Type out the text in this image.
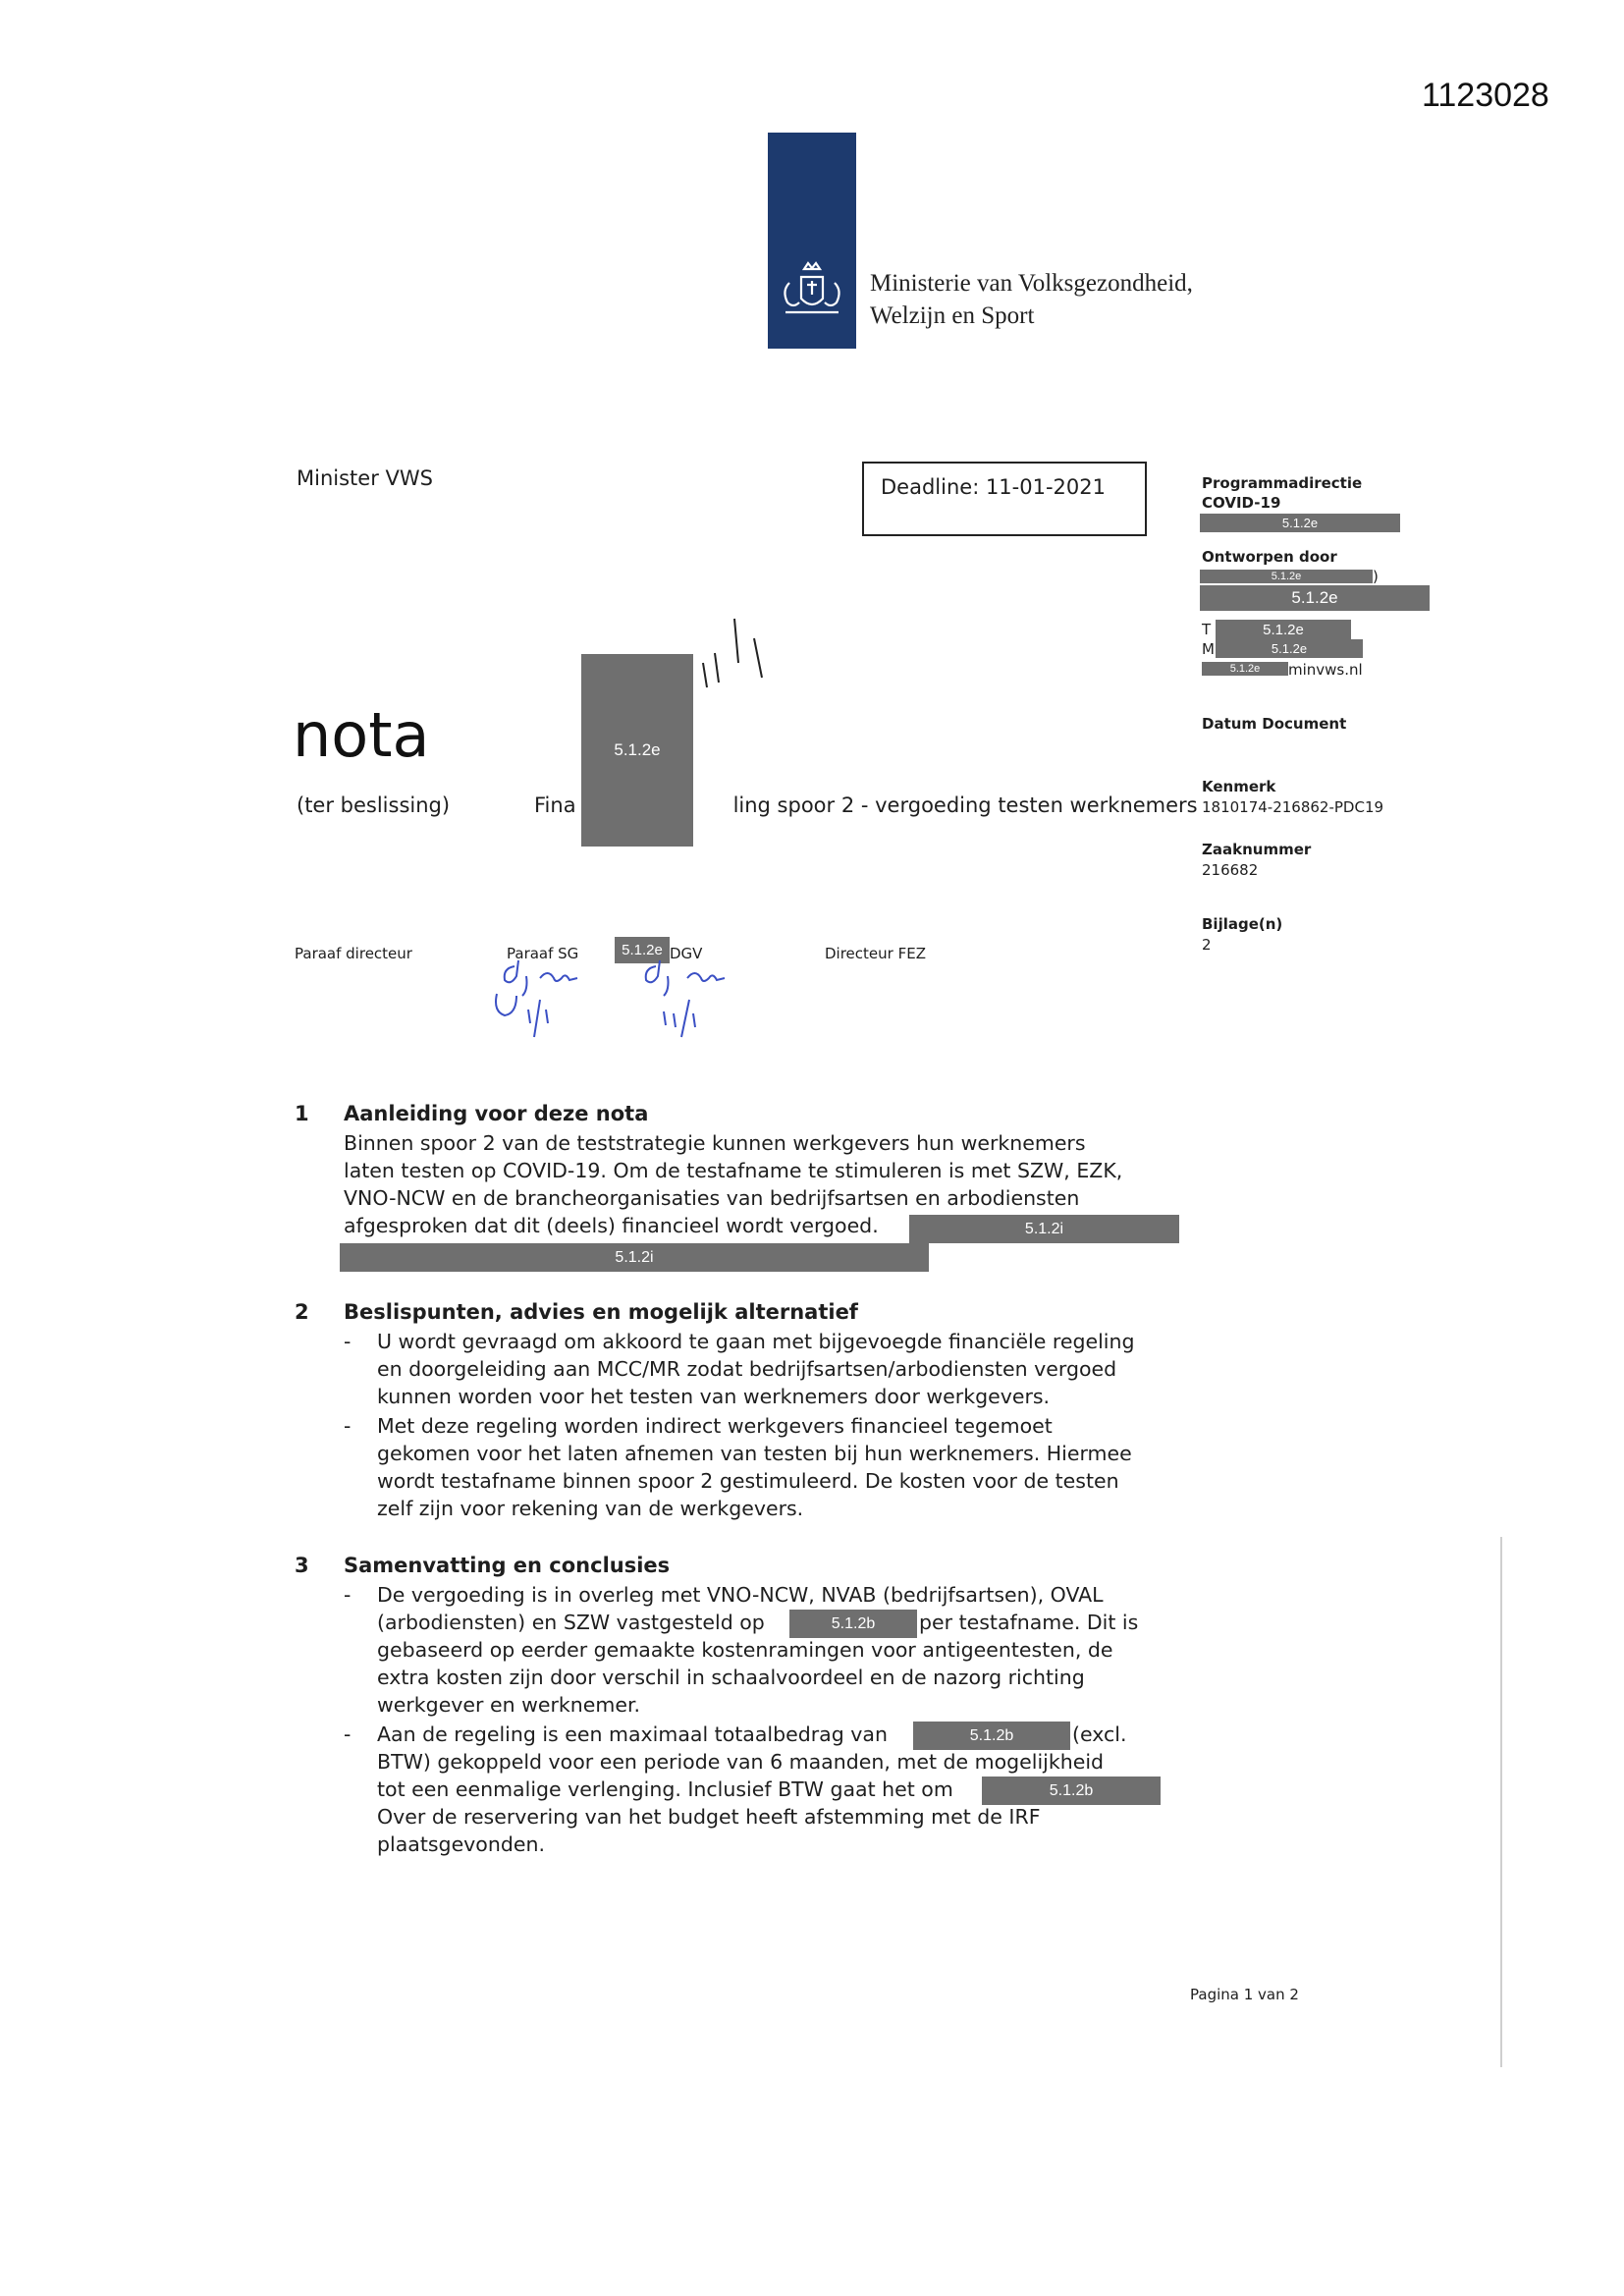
1123028
Ministerie van Volksgezondheid,
Welzijn en Sport
Minister VWS	Deadline: 11-01-2021	Programmadirectie
COVID-19
5.1.2e
Ontworpen door
5.1.2e	)
5.1.2e
T	5.1.2e
M	5.1.2e
5.1.2e	minvws.nl
Datum Document
Kenmerk
1810174-216862-PDC19
Zaaknummer
216682
Bijlage(n)
2
nota	5.1.2e
(ter beslissing)	Fina	ling spoor 2 - vergoeding testen werknemers
Paraaf directeur	Paraaf SG	5.1.2e DGV	Directeur FEZ
1 Aanleiding voor deze nota
Binnen spoor 2 van de teststrategie kunnen werkgevers hun werknemers
laten testen op COVID-19. Om de testafname te stimuleren is met SZW, EZK,
VNO-NCW en de brancheorganisaties van bedrijfsartsen en arbodiensten
afgesproken dat dit (deels) financieel wordt vergoed.	5.1.2i
5.1.2i
2 Beslispunten, advies en mogelijk alternatief
- U wordt gevraagd om akkoord te gaan met bijgevoegde financiële regeling
en doorgeleiding aan MCC/MR zodat bedrijfsartsen/arbodiensten vergoed
kunnen worden voor het testen van werknemers door werkgevers.
- Met deze regeling worden indirect werkgevers financieel tegemoet
gekomen voor het laten afnemen van testen bij hun werknemers. Hiermee
wordt testafname binnen spoor 2 gestimuleerd. De kosten voor de testen
zelf zijn voor rekening van de werkgevers.
3 Samenvatting en conclusies
- De vergoeding is in overleg met VNO-NCW, NVAB (bedrijfsartsen), OVAL
(arbodiensten) en SZW vastgesteld op	5.1.2b	per testafname. Dit is
gebaseerd op eerder gemaakte kostenramingen voor antigeentesten, de
extra kosten zijn door verschil in schaalvoordeel en de nazorg richting
werkgever en werknemer.
- Aan de regeling is een maximaal totaalbedrag van	5.1.2b	(excl.
BTW) gekoppeld voor een periode van 6 maanden, met de mogelijkheid
tot een eenmalige verlenging. Inclusief BTW gaat het om	5.1.2b
Over de reservering van het budget heeft afstemming met de IRF
plaatsgevonden.
Pagina 1 van 2
